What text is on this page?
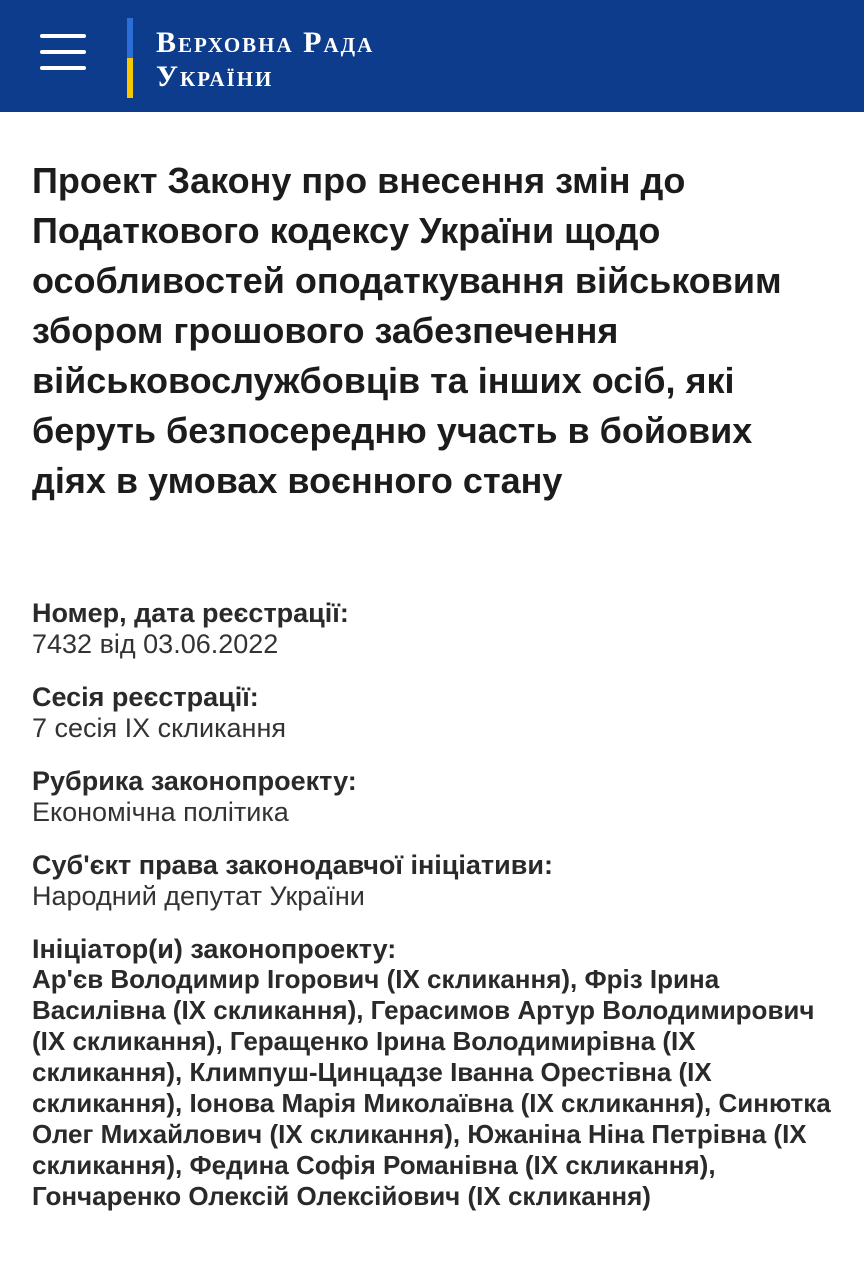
Верховна Рада
України
Проект Закону про внесення змін до Податкового кодексу України щодо особливостей оподаткування військовим збором грошового забезпечення військовослужбовців та інших осіб, які беруть безпосередню участь в бойових діях в умовах воєнного стану
Номер, дата реєстрації:
7432 від 03.06.2022
Сесія реєстрації:
7 сесія IX скликання
Рубрика законопроекту:
Економічна політика
Суб'єкт права законодавчої ініціативи:
Народний депутат України
Ініціатор(и) законопроекту:
Ар'єв Володимир Ігорович (IX скликання), Фріз Ірина Василівна (IX скликання), Герасимов Артур Володимирович (IX скликання), Геращенко Ірина Володимирівна (IX скликання), Климпуш-Цинцадзе Іванна Орестівна (IX скликання), Іонова Марія Миколаївна (IX скликання), Синютка Олег Михайлович (IX скликання), Южаніна Ніна Петрівна (IX скликання), Федина Софія Романівна (IX скликання), Гончаренко Олексій Олексійович (IX скликання)
